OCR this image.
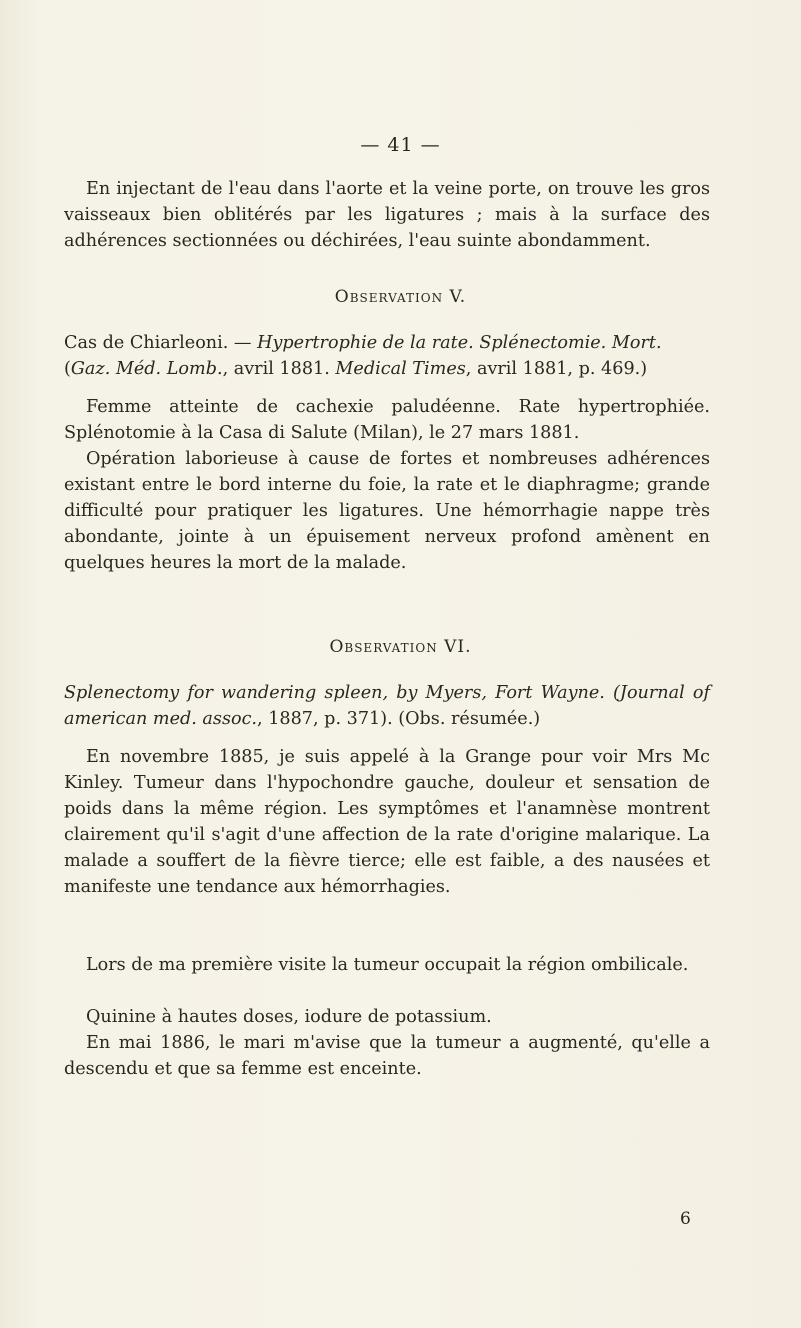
— 41 —

En injectant de l'eau dans l'aorte et la veine porte, on trouve les gros vaisseaux bien oblitérés par les ligatures ; mais à la surface des adhérences sectionnées ou déchirées, l'eau suinte abondamment.

Observation V.

Cas de Chiarleoni. — Hypertrophie de la rate. Splénectomie. Mort.
(Gaz. Méd. Lomb., avril 1881. Medical Times, avril 1881, p. 469.)

Femme atteinte de cachexie paludéenne. Rate hypertrophiée. Splénotomie à la Casa di Salute (Milan), le 27 mars 1881.

Opération laborieuse à cause de fortes et nombreuses adhérences existant entre le bord interne du foie, la rate et le diaphragme; grande difficulté pour pratiquer les ligatures. Une hémorrhagie nappe très abondante, jointe à un épuisement nerveux profond amènent en quelques heures la mort de la malade.

Observation VI.

Splenectomy for wandering spleen, by Myers, Fort Wayne. (Journal of american med. assoc., 1887, p. 371). (Obs. résumée.)

En novembre 1885, je suis appelé à la Grange pour voir Mrs Mc Kinley. Tumeur dans l'hypochondre gauche, douleur et sensation de poids dans la même région. Les symptômes et l'anamnèse montrent clairement qu'il s'agit d'une affection de la rate d'origine malarique. La malade a souffert de la fièvre tierce; elle est faible, a des nausées et manifeste une tendance aux hémorrhagies.

Lors de ma première visite la tumeur occupait la région ombilicale.

Quinine à hautes doses, iodure de potassium.

En mai 1886, le mari m'avise que la tumeur a augmenté, qu'elle a descendu et que sa femme est enceinte.

6
